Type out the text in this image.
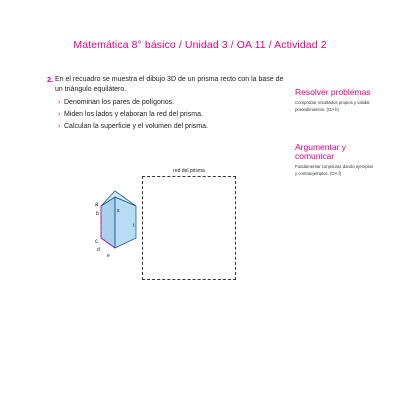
Matemática 8° básico / Unidad 3 / OA 11 / Actividad 2
2. En el recuadro se muestra el dibujo 3D de un prisma recto con la base de un triángulo equilátero.

› Denominan los pares de polígonos.
› Miden los lados y elaboran la red del prisma.
› Calculan la superficie y el volumen del prisma.
Resolver problemas
Comprobar resultados propios y validar procedimientos. (OA b)
Argumentar y comunicar
Fundamentar conjeturas dando ejemplos y contraejemplos. (OA f)
red del prisma
a
b
c
d
e
s
t
